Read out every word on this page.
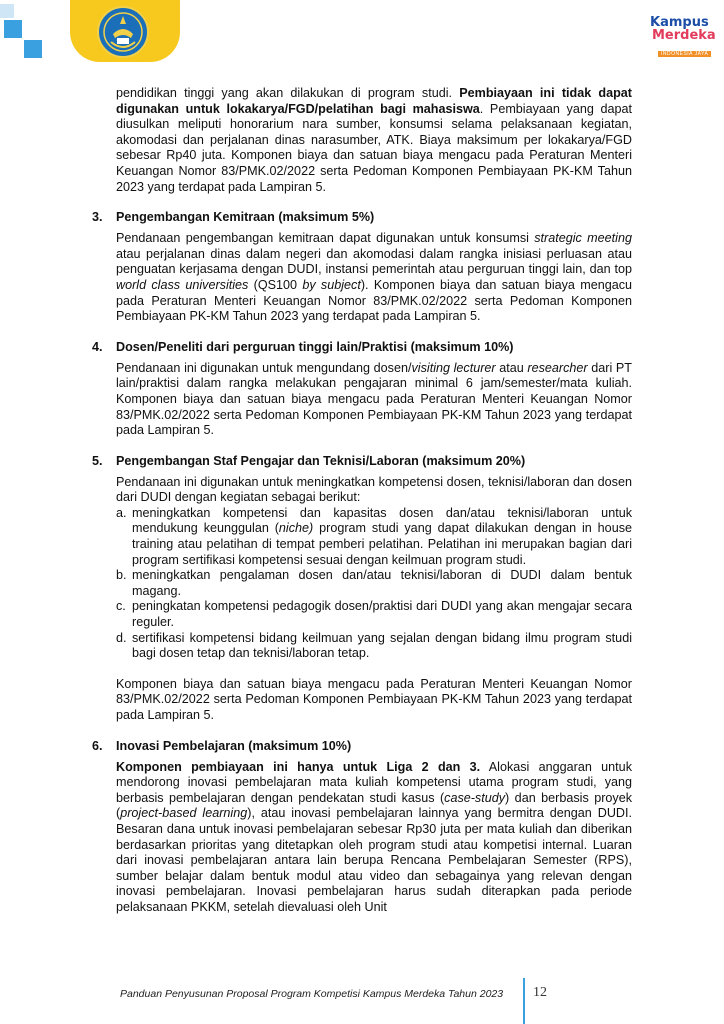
Kampus
Merdeka
INDONESIA JAYA

pendidikan tinggi yang akan dilakukan di program studi. Pembiayaan ini tidak dapat digunakan untuk lokakarya/FGD/pelatihan bagi mahasiswa. Pembiayaan yang dapat diusulkan meliputi honorarium nara sumber, konsumsi selama pelaksanaan kegiatan, akomodasi dan perjalanan dinas narasumber, ATK. Biaya maksimum per lokakarya/FGD sebesar Rp40 juta. Komponen biaya dan satuan biaya mengacu pada Peraturan Menteri Keuangan Nomor 83/PMK.02/2022 serta Pedoman Komponen Pembiayaan PK-KM Tahun 2023 yang terdapat pada Lampiran 5.

3.	Pengembangan Kemitraan (maksimum 5%)

Pendanaan pengembangan kemitraan dapat digunakan untuk konsumsi strategic meeting atau perjalanan dinas dalam negeri dan akomodasi dalam rangka inisiasi perluasan atau penguatan kerjasama dengan DUDI, instansi pemerintah atau perguruan tinggi lain, dan top world class universities (QS100 by subject). Komponen biaya dan satuan biaya mengacu pada Peraturan Menteri Keuangan Nomor 83/PMK.02/2022 serta Pedoman Komponen Pembiayaan PK-KM Tahun 2023 yang terdapat pada Lampiran 5.

4.	Dosen/Peneliti dari perguruan tinggi lain/Praktisi (maksimum 10%)

Pendanaan ini digunakan untuk mengundang dosen/visiting lecturer atau researcher dari PT lain/praktisi dalam rangka melakukan pengajaran minimal 6 jam/semester/mata kuliah. Komponen biaya dan satuan biaya mengacu pada Peraturan Menteri Keuangan Nomor 83/PMK.02/2022 serta Pedoman Komponen Pembiayaan PK-KM Tahun 2023 yang terdapat pada Lampiran 5.

5.	Pengembangan Staf Pengajar dan Teknisi/Laboran (maksimum 20%)

Pendanaan ini digunakan untuk meningkatkan kompetensi dosen, teknisi/laboran dan dosen dari DUDI dengan kegiatan sebagai berikut:

a. meningkatkan kompetensi dan kapasitas dosen dan/atau teknisi/laboran untuk mendukung keunggulan (niche) program studi yang dapat dilakukan dengan in house training atau pelatihan di tempat pemberi pelatihan. Pelatihan ini merupakan bagian dari program sertifikasi kompetensi sesuai dengan keilmuan program studi.
b. meningkatkan pengalaman dosen dan/atau teknisi/laboran di DUDI dalam bentuk magang.
c. peningkatan kompetensi pedagogik dosen/praktisi dari DUDI yang akan mengajar secara reguler.
d. sertifikasi kompetensi bidang keilmuan yang sejalan dengan bidang ilmu program studi bagi dosen tetap dan teknisi/laboran tetap.

Komponen biaya dan satuan biaya mengacu pada Peraturan Menteri Keuangan Nomor 83/PMK.02/2022 serta Pedoman Komponen Pembiayaan PK-KM Tahun 2023 yang terdapat pada Lampiran 5.

6.	Inovasi Pembelajaran (maksimum 10%)

Komponen pembiayaan ini hanya untuk Liga 2 dan 3. Alokasi anggaran untuk mendorong inovasi pembelajaran mata kuliah kompetensi utama program studi, yang berbasis pembelajaran dengan pendekatan studi kasus (case-study) dan berbasis proyek (project-based learning), atau inovasi pembelajaran lainnya yang bermitra dengan DUDI. Besaran dana untuk inovasi pembelajaran sebesar Rp30 juta per mata kuliah dan diberikan berdasarkan prioritas yang ditetapkan oleh program studi atau kompetisi internal. Luaran dari inovasi pembelajaran antara lain berupa Rencana Pembelajaran Semester (RPS), sumber belajar dalam bentuk modul atau video dan sebagainya yang relevan dengan inovasi pembelajaran. Inovasi pembelajaran harus sudah diterapkan pada periode pelaksanaan PKKM, setelah dievaluasi oleh Unit

Panduan Penyusunan Proposal Program Kompetisi Kampus Merdeka Tahun 2023 12
